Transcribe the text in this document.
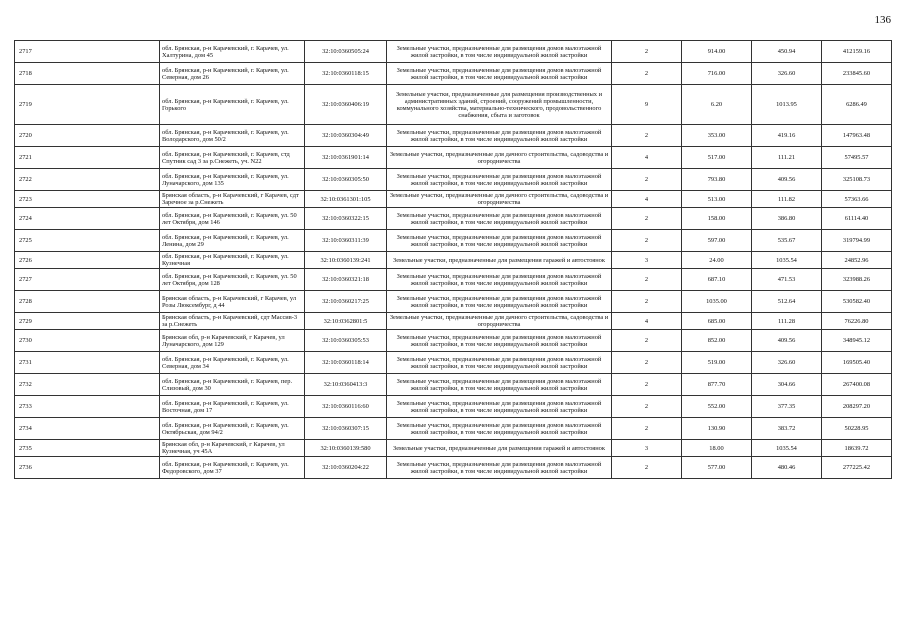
136
2717	обл. Брянская, р-н Карачевский, г. Карачев, ул. Халтурина, дом 45	32:10:0360505:24	Земельные участки, предназначенные для размещения домов малоэтажной жилой застройки, в том числе индивидуальной жилой застройки	2	914.00	450.94	412159.16
2718	обл. Брянская, р-н Карачевский, г. Карачев, ул. Северная, дом 26	32:10:0360118:15	Земельные участки, предназначенные для размещения домов малоэтажной жилой застройки, в том числе индивидуальной жилой застройки	2	716.00	326.60	233845.60
2719	обл. Брянская, р-н Карачевский, г. Карачев, ул. Горького	32:10:0360406:19	Земельные участки, предназначенные для размещения производственных и административных зданий, строений, сооружений промышленности, коммунального хозяйства, материально-технического, продовольственного снабжения, сбыта и заготовок	9	6.20	1013.95	6286.49
2720	обл. Брянская, р-н Карачевский, г. Карачев, ул. Володарского, дом 50/2	32:10:0360304:49	Земельные участки, предназначенные для размещения домов малоэтажной жилой застройки, в том числе индивидуальной жилой застройки	2	353.00	419.16	147963.48
2721	обл. Брянская, р-н Карачевский, г. Карачев, стд Спутник сад 3 за р.Снежеть, уч. N22	32:10:0361901:14	Земельные участки, предназначенные для дачного строительства, садоводства и огородничества	4	517.00	111.21	57495.57
2722	обл. Брянская, р-н Карачевский, г. Карачев, ул. Луначарского, дом 135	32:10:0360305:50	Земельные участки, предназначенные для размещения домов малоэтажной жилой застройки, в том числе индивидуальной жилой застройки	2	793.80	409.56	325108.73
2723	Брянская область, р-н Карачевский, г Карачев, сдт Заречное за р.Снежеть	32:10:0361301:105	Земельные участки, предназначенные для дачного строительства, садоводства и огородничества	4	513.00	111.82	57363.66
2724	обл. Брянская, р-н Карачевский, г. Карачев, ул. 50 лет Октября, дом 146	32:10:0360322:15	Земельные участки, предназначенные для размещения домов малоэтажной жилой застройки, в том числе индивидуальной жилой застройки	2	158.00	386.80	61114.40
2725	обл. Брянская, р-н Карачевский, г. Карачев, ул. Ленина, дом 29	32:10:0360311:39	Земельные участки, предназначенные для размещения домов малоэтажной жилой застройки, в том числе индивидуальной жилой застройки	2	597.00	535.67	319794.99
2726	обл. Брянская, р-н Карачевский, г. Карачев, ул. Кузнечная	32:10:0360139:241	Земельные участки, предназначенные для размещения гаражей и автостоянок	3	24.00	1035.54	24852.96
2727	обл. Брянская, р-н Карачевский, г. Карачев, ул. 50 лет Октября, дом 128	32:10:0360321:18	Земельные участки, предназначенные для размещения домов малоэтажной жилой застройки, в том числе индивидуальной жилой застройки	2	687.10	471.53	323988.26
2728	Брянская область, р-н Карачевский, г Карачев, ул Розы Люксембург, д 44	32:10:0360217:25	Земельные участки, предназначенные для размещения домов малоэтажной жилой застройки, в том числе индивидуальной жилой застройки	2	1035.00	512.64	530582.40
2729	Брянская область, р-н Карачевский, сдт Массив-3 за р.Снежеть	32:10:0362801:5	Земельные участки, предназначенные для дачного строительства, садоводства и огородничества	4	685.00	111.28	76226.80
2730	Брянская обл, р-н Карачевский, г Карачев, ул Луначарского, дом 129	32:10:0360305:53	Земельные участки, предназначенные для размещения домов малоэтажной жилой застройки, в том числе индивидуальной жилой застройки	2	852.00	409.56	348945.12
2731	обл. Брянская, р-н Карачевский, г. Карачев, ул. Северная, дом 34	32:10:0360118:14	Земельные участки, предназначенные для размещения домов малоэтажной жилой застройки, в том числе индивидуальной жилой застройки	2	519.00	326.60	169505.40
2732	обл. Брянская, р-н Карачевский, г. Карачев, пер. Слизовый, дом 30	32:10:0360413:3	Земельные участки, предназначенные для размещения домов малоэтажной жилой застройки, в том числе индивидуальной жилой застройки	2	877.70	304.66	267400.08
2733	обл. Брянская, р-н Карачевский, г. Карачев, ул. Восточная, дом 17	32:10:0360116:60	Земельные участки, предназначенные для размещения домов малоэтажной жилой застройки, в том числе индивидуальной жилой застройки	2	552.00	377.35	208297.20
2734	обл. Брянская, р-н Карачевский, г. Карачев, ул. Октябрьская, дом 94/2	32:10:0360307:15	Земельные участки, предназначенные для размещения домов малоэтажной жилой застройки, в том числе индивидуальной жилой застройки	2	130.90	383.72	50228.95
2735	Брянская обл, р-н Карачевский, г Карачев, ул Кузнечная, уч 45А	32:10:0360139:580	Земельные участки, предназначенные для размещения гаражей и автостоянок	3	18.00	1035.54	18639.72
2736	обл. Брянская, р-н Карачевский, г. Карачев, ул. Федоровского, дом 37	32:10:0360204:22	Земельные участки, предназначенные для размещения домов малоэтажной жилой застройки, в том числе индивидуальной жилой застройки	2	577.00	480.46	277225.42
